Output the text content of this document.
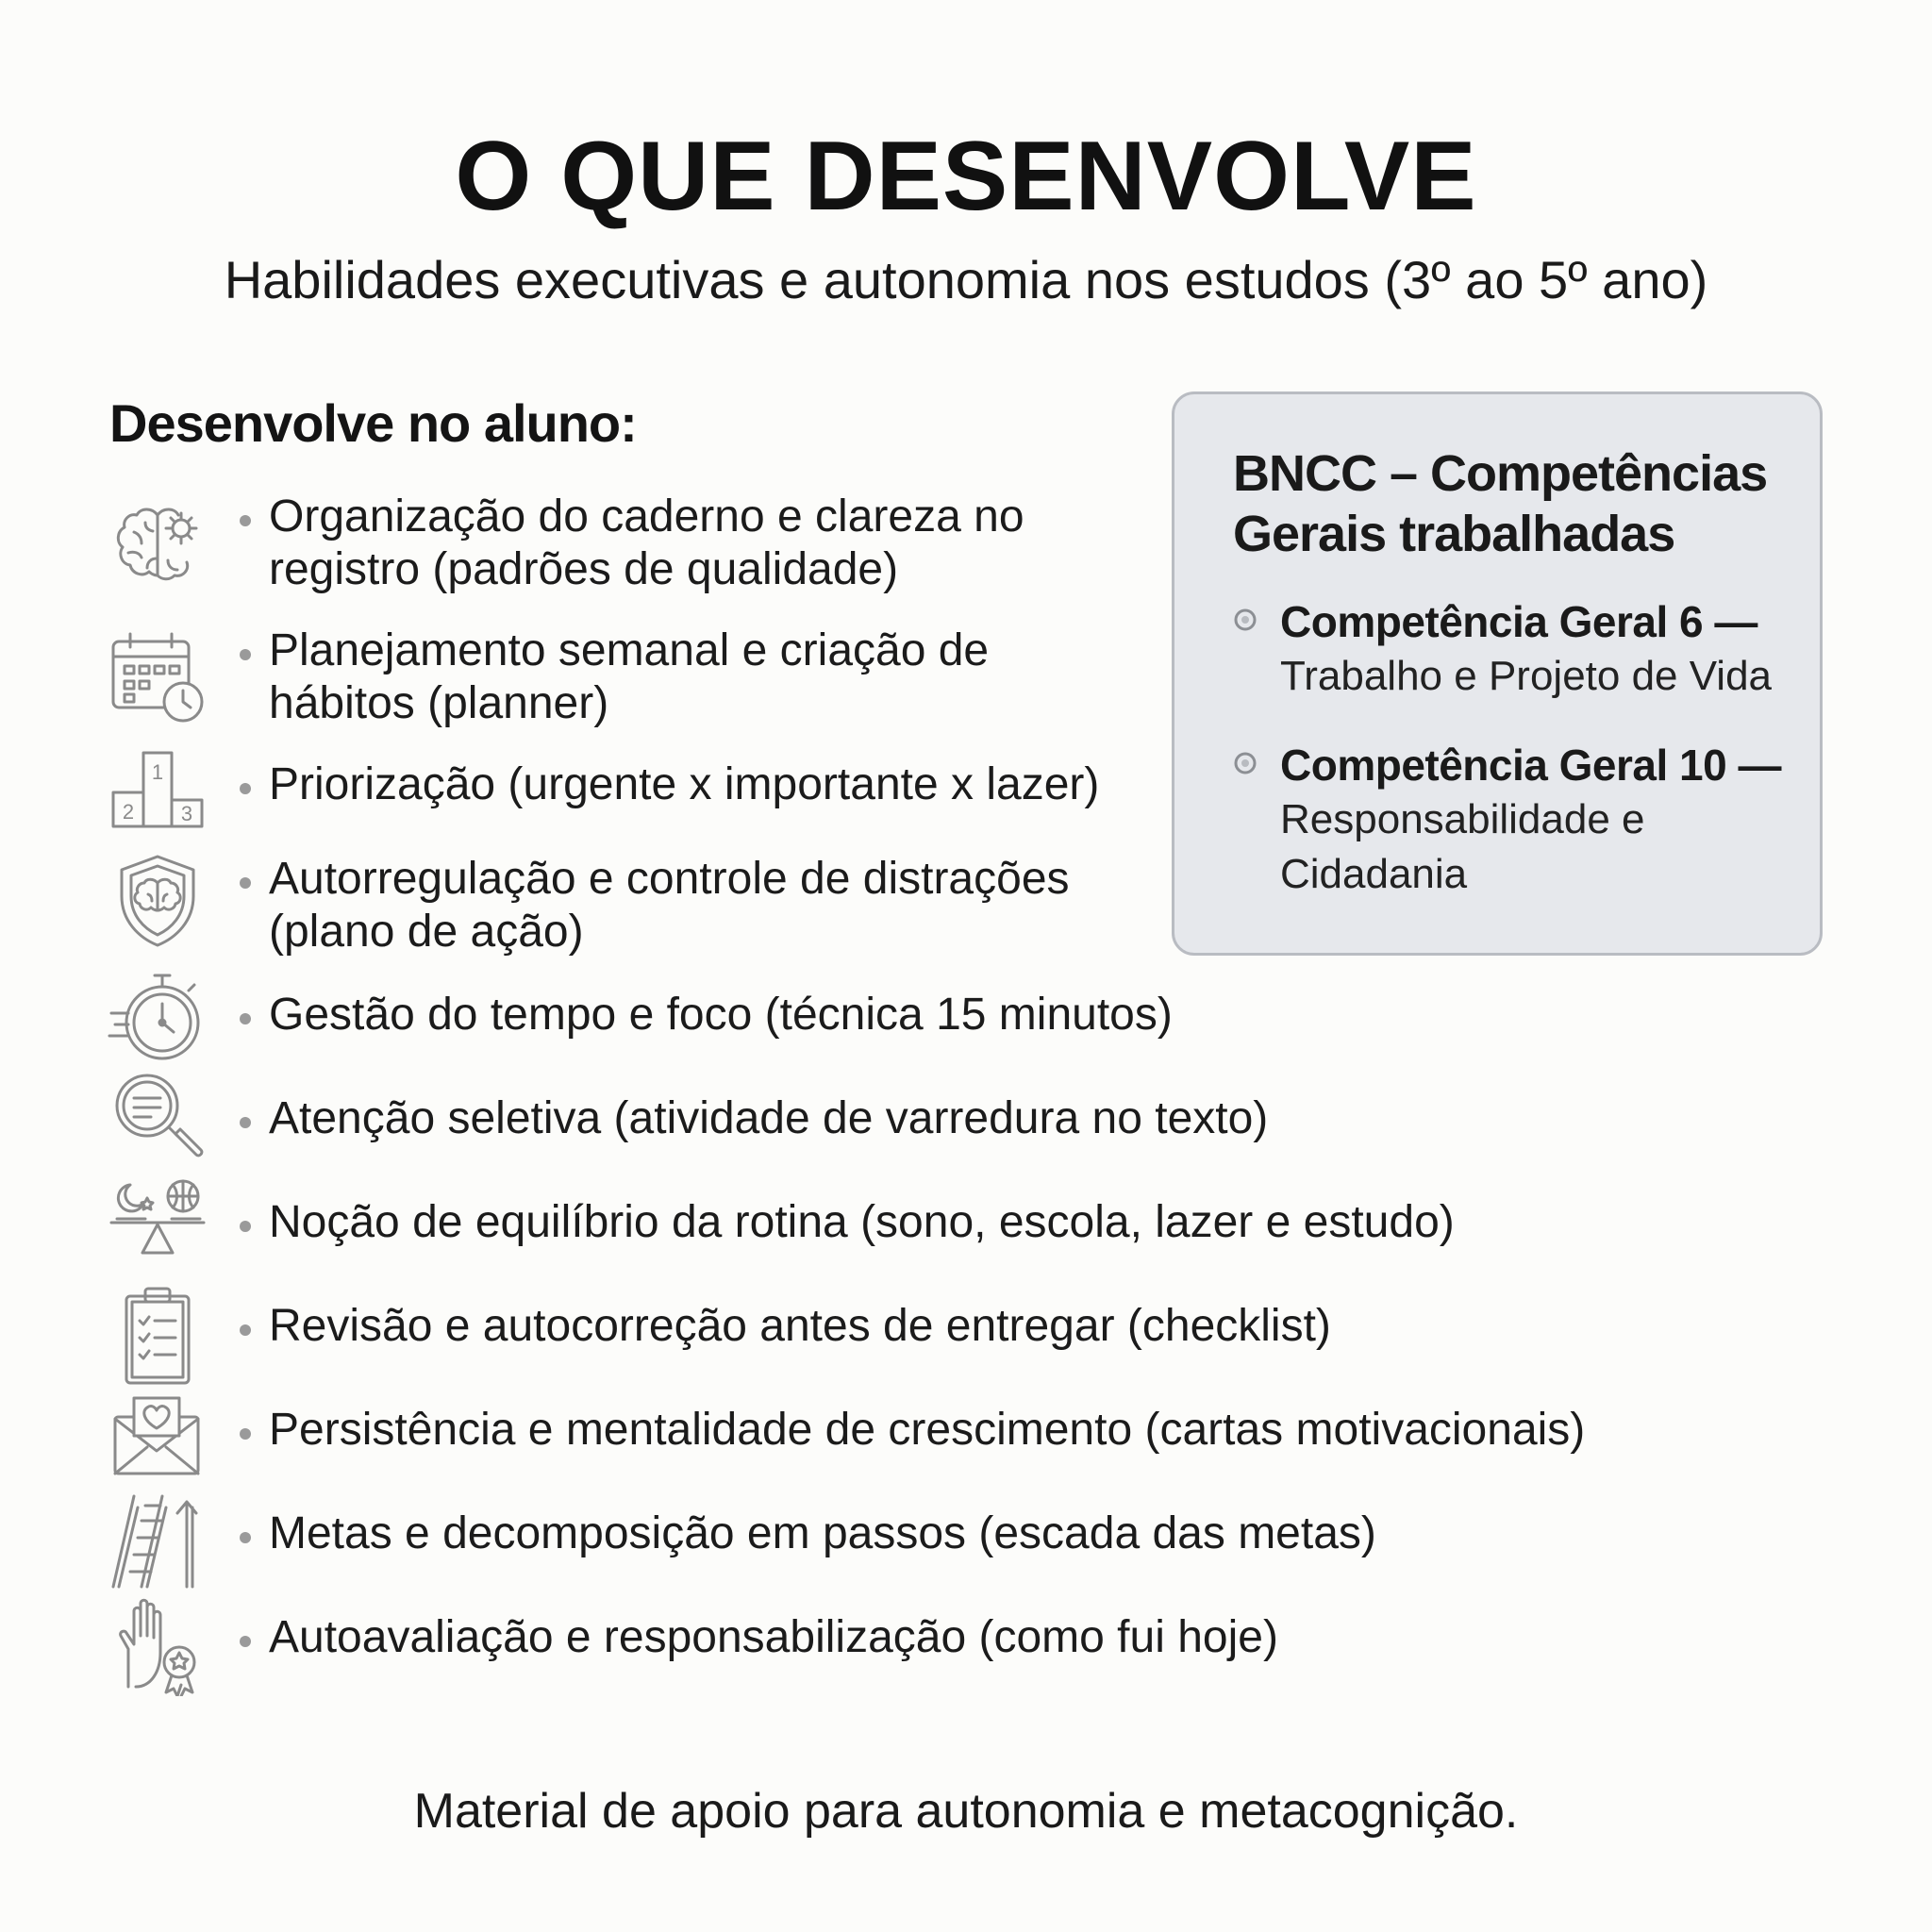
O QUE DESENVOLVE
Habilidades executivas e autonomia nos estudos (3º ao 5º ano)
Desenvolve no aluno:
Organização do caderno e clareza no
registro (padrões de qualidade)
Planejamento semanal e criação de
hábitos (planner)
1
2 3
Priorização (urgente x importante x lazer)
Autorregulação e controle de distrações
(plano de ação)
Gestão do tempo e foco (técnica 15 minutos)
Atenção seletiva (atividade de varredura no texto)
Noção de equilíbrio da rotina (sono, escola, lazer e estudo)
Revisão e autocorreção antes de entregar (checklist)
Persistência e mentalidade de crescimento (cartas motivacionais)
Metas e decomposição em passos (escada das metas)
Autoavaliação e responsabilização (como fui hoje)
BNCC – Competências Gerais trabalhadas
Competência Geral 6 —
Trabalho e Projeto de Vida
Competência Geral 10 —
Responsabilidade e Cidadania
Material de apoio para autonomia e metacognição.
